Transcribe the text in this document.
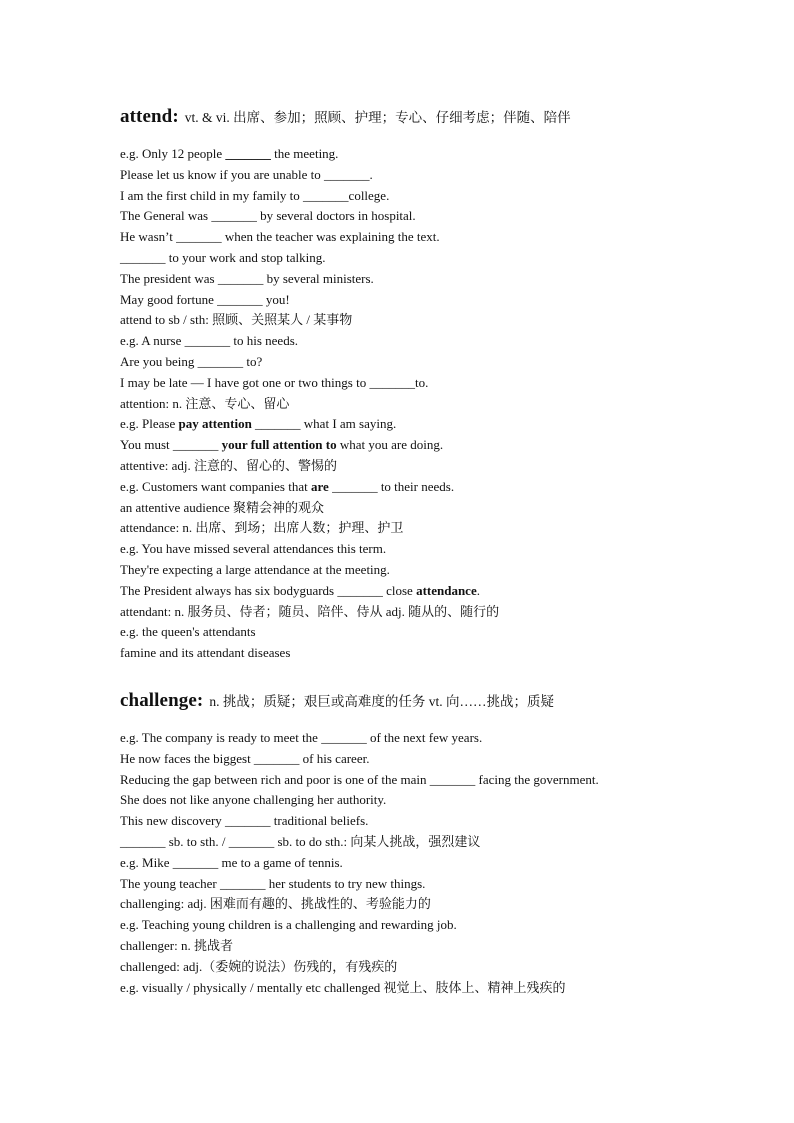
attend: vt. & vi. 出席、参加；照顾、护理；专心、仔细考虑；伴随、陪伴
e.g. Only 12 people _______ the meeting.
Please let us know if you are unable to _______.
I am the first child in my family to _______college.
The General was _______ by several doctors in hospital.
He wasn’t _______ when the teacher was explaining the text.
_______ to your work and stop talking.
The president was _______ by several ministers.
May good fortune _______ you!
attend to sb / sth: 照顾、关照某人 / 某事物
e.g. A nurse _______ to his needs.
Are you being _______ to?
I may be late — I have got one or two things to _______to.
attention: n. 注意、专心、留心
e.g. Please pay attention _______ what I am saying.
You must _______ your full attention to what you are doing.
attentive: adj. 注意的、留心的、警惕的
e.g. Customers want companies that are _______ to their needs.
an attentive audience 聚精会神的观众
attendance: n. 出席、到场；出席人数；护理、护卫
e.g. You have missed several attendances this term.
They're expecting a large attendance at the meeting.
The President always has six bodyguards _______ close attendance.
attendant: n. 服务员、侍者；随员、陪伴、侍从 adj. 随从的、随行的
e.g. the queen's attendants
famine and its attendant diseases
challenge: n. 挑战；质疑；艰巨或高难度的任务 vt. 向……挑战；质疑
e.g. The company is ready to meet the _______ of the next few years.
He now faces the biggest _______ of his career.
Reducing the gap between rich and poor is one of the main _______ facing the government.
She does not like anyone challenging her authority.
This new discovery _______ traditional beliefs.
_______ sb. to sth. / _______ sb. to do sth.: 向某人挑战，强烈建议
e.g. Mike _______ me to a game of tennis.
The young teacher _______ her students to try new things.
challenging: adj. 困难而有趣的、挑战性的、考验能力的
e.g. Teaching young children is a challenging and rewarding job.
challenger: n. 挑战者
challenged: adj.（委婉的说法）伤残的，有残疾的
e.g. visually / physically / mentally etc challenged 视觉上、肢体上、精神上残疾的
